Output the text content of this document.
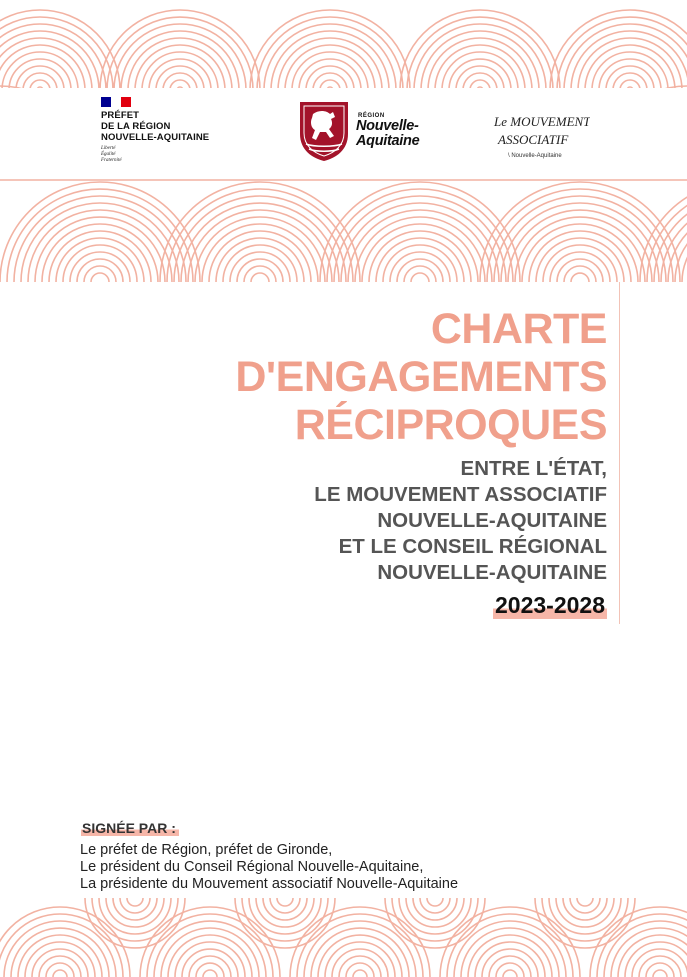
PRÉFET
DE LA RÉGION
NOUVELLE-AQUITAINE
Liberté
Égalité
Fraternité
RÉGION
Nouvelle-
Aquitaine
Le MOUVEMENT
ASSOCIATIF
\ Nouvelle-Aquitaine
CHARTE
D'ENGAGEMENTS
RÉCIPROQUES
ENTRE L'ÉTAT,
LE MOUVEMENT ASSOCIATIF
NOUVELLE-AQUITAINE
ET LE CONSEIL RÉGIONAL
NOUVELLE-AQUITAINE
2023-2028
SIGNÉE PAR :
Le préfet de Région, préfet de Gironde,
Le président du Conseil Régional Nouvelle-Aquitaine,
La présidente du Mouvement associatif Nouvelle-Aquitaine
